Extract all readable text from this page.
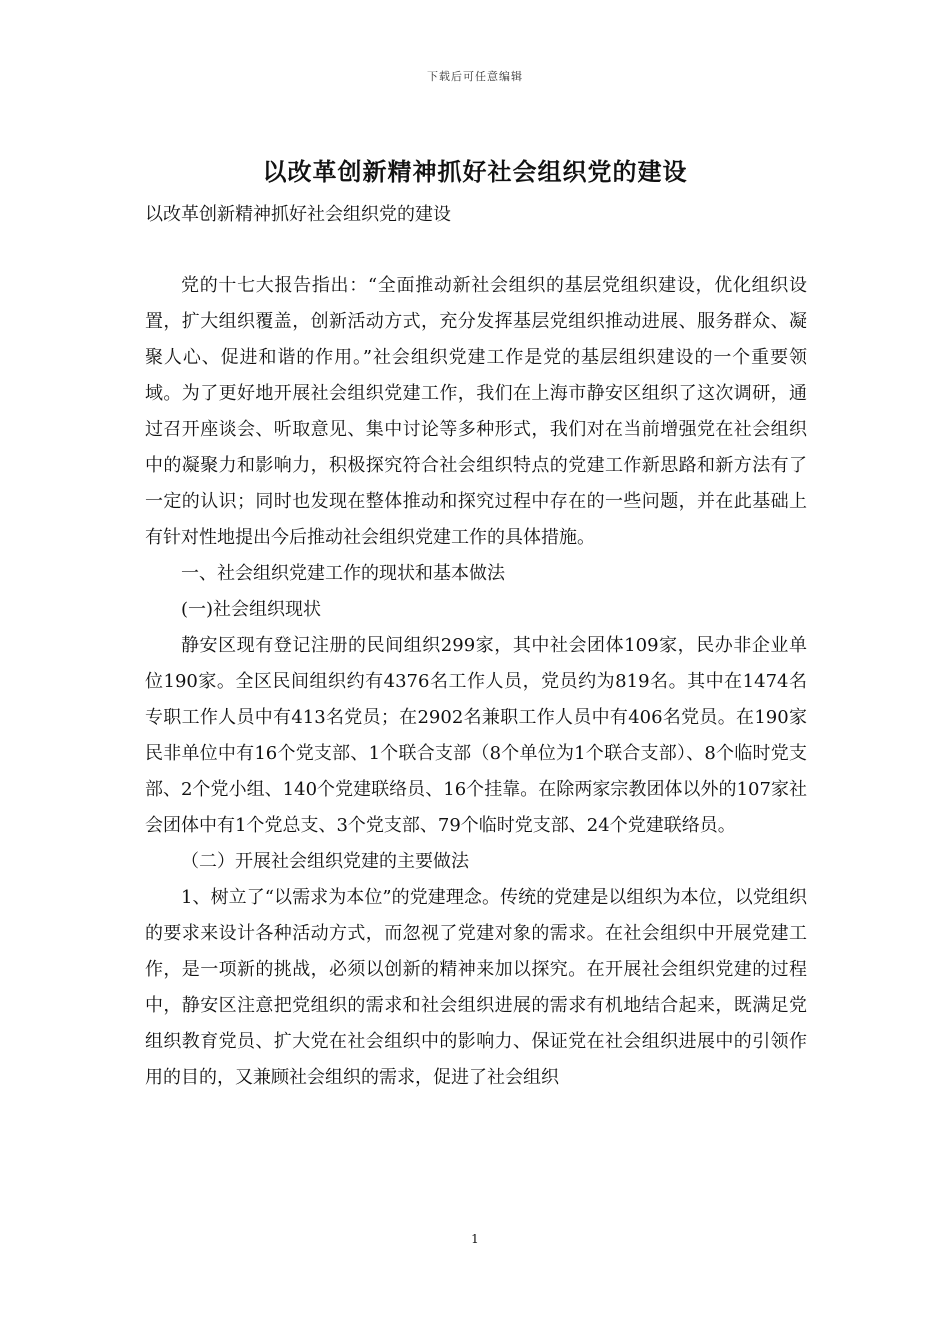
下载后可任意编辑
以改革创新精神抓好社会组织党的建设
以改革创新精神抓好社会组织党的建设

党的十七大报告指出：“全面推动新社会组织的基层党组织建设，优化组织设置，扩大组织覆盖，创新活动方式，充分发挥基层党组织推动进展、服务群众、凝聚人心、促进和谐的作用。”社会组织党建工作是党的基层组织建设的一个重要领域。为了更好地开展社会组织党建工作，我们在上海市静安区组织了这次调研，通过召开座谈会、听取意见、集中讨论等多种形式，我们对在当前增强党在社会组织中的凝聚力和影响力，积极探究符合社会组织特点的党建工作新思路和新方法有了一定的认识；同时也发现在整体推动和探究过程中存在的一些问题，并在此基础上有针对性地提出今后推动社会组织党建工作的具体措施。

一、社会组织党建工作的现状和基本做法

(一)社会组织现状

静安区现有登记注册的民间组织299家，其中社会团体109家，民办非企业单位190家。全区民间组织约有4376名工作人员，党员约为819名。其中在1474名专职工作人员中有413名党员；在2902名兼职工作人员中有406名党员。在190家民非单位中有16个党支部、1个联合支部（8个单位为1个联合支部）、8个临时党支部、2个党小组、140个党建联络员、16个挂靠。在除两家宗教团体以外的107家社会团体中有1个党总支、3个党支部、79个临时党支部、24个党建联络员。

（二）开展社会组织党建的主要做法

1、树立了“以需求为本位”的党建理念。传统的党建是以组织为本位，以党组织的要求来设计各种活动方式，而忽视了党建对象的需求。在社会组织中开展党建工作，是一项新的挑战，必须以创新的精神来加以探究。在开展社会组织党建的过程中，静安区注意把党组织的需求和社会组织进展的需求有机地结合起来，既满足党组织教育党员、扩大党在社会组织中的影响力、保证党在社会组织进展中的引领作用的目的，又兼顾社会组织的需求，促进了社会组织

1
